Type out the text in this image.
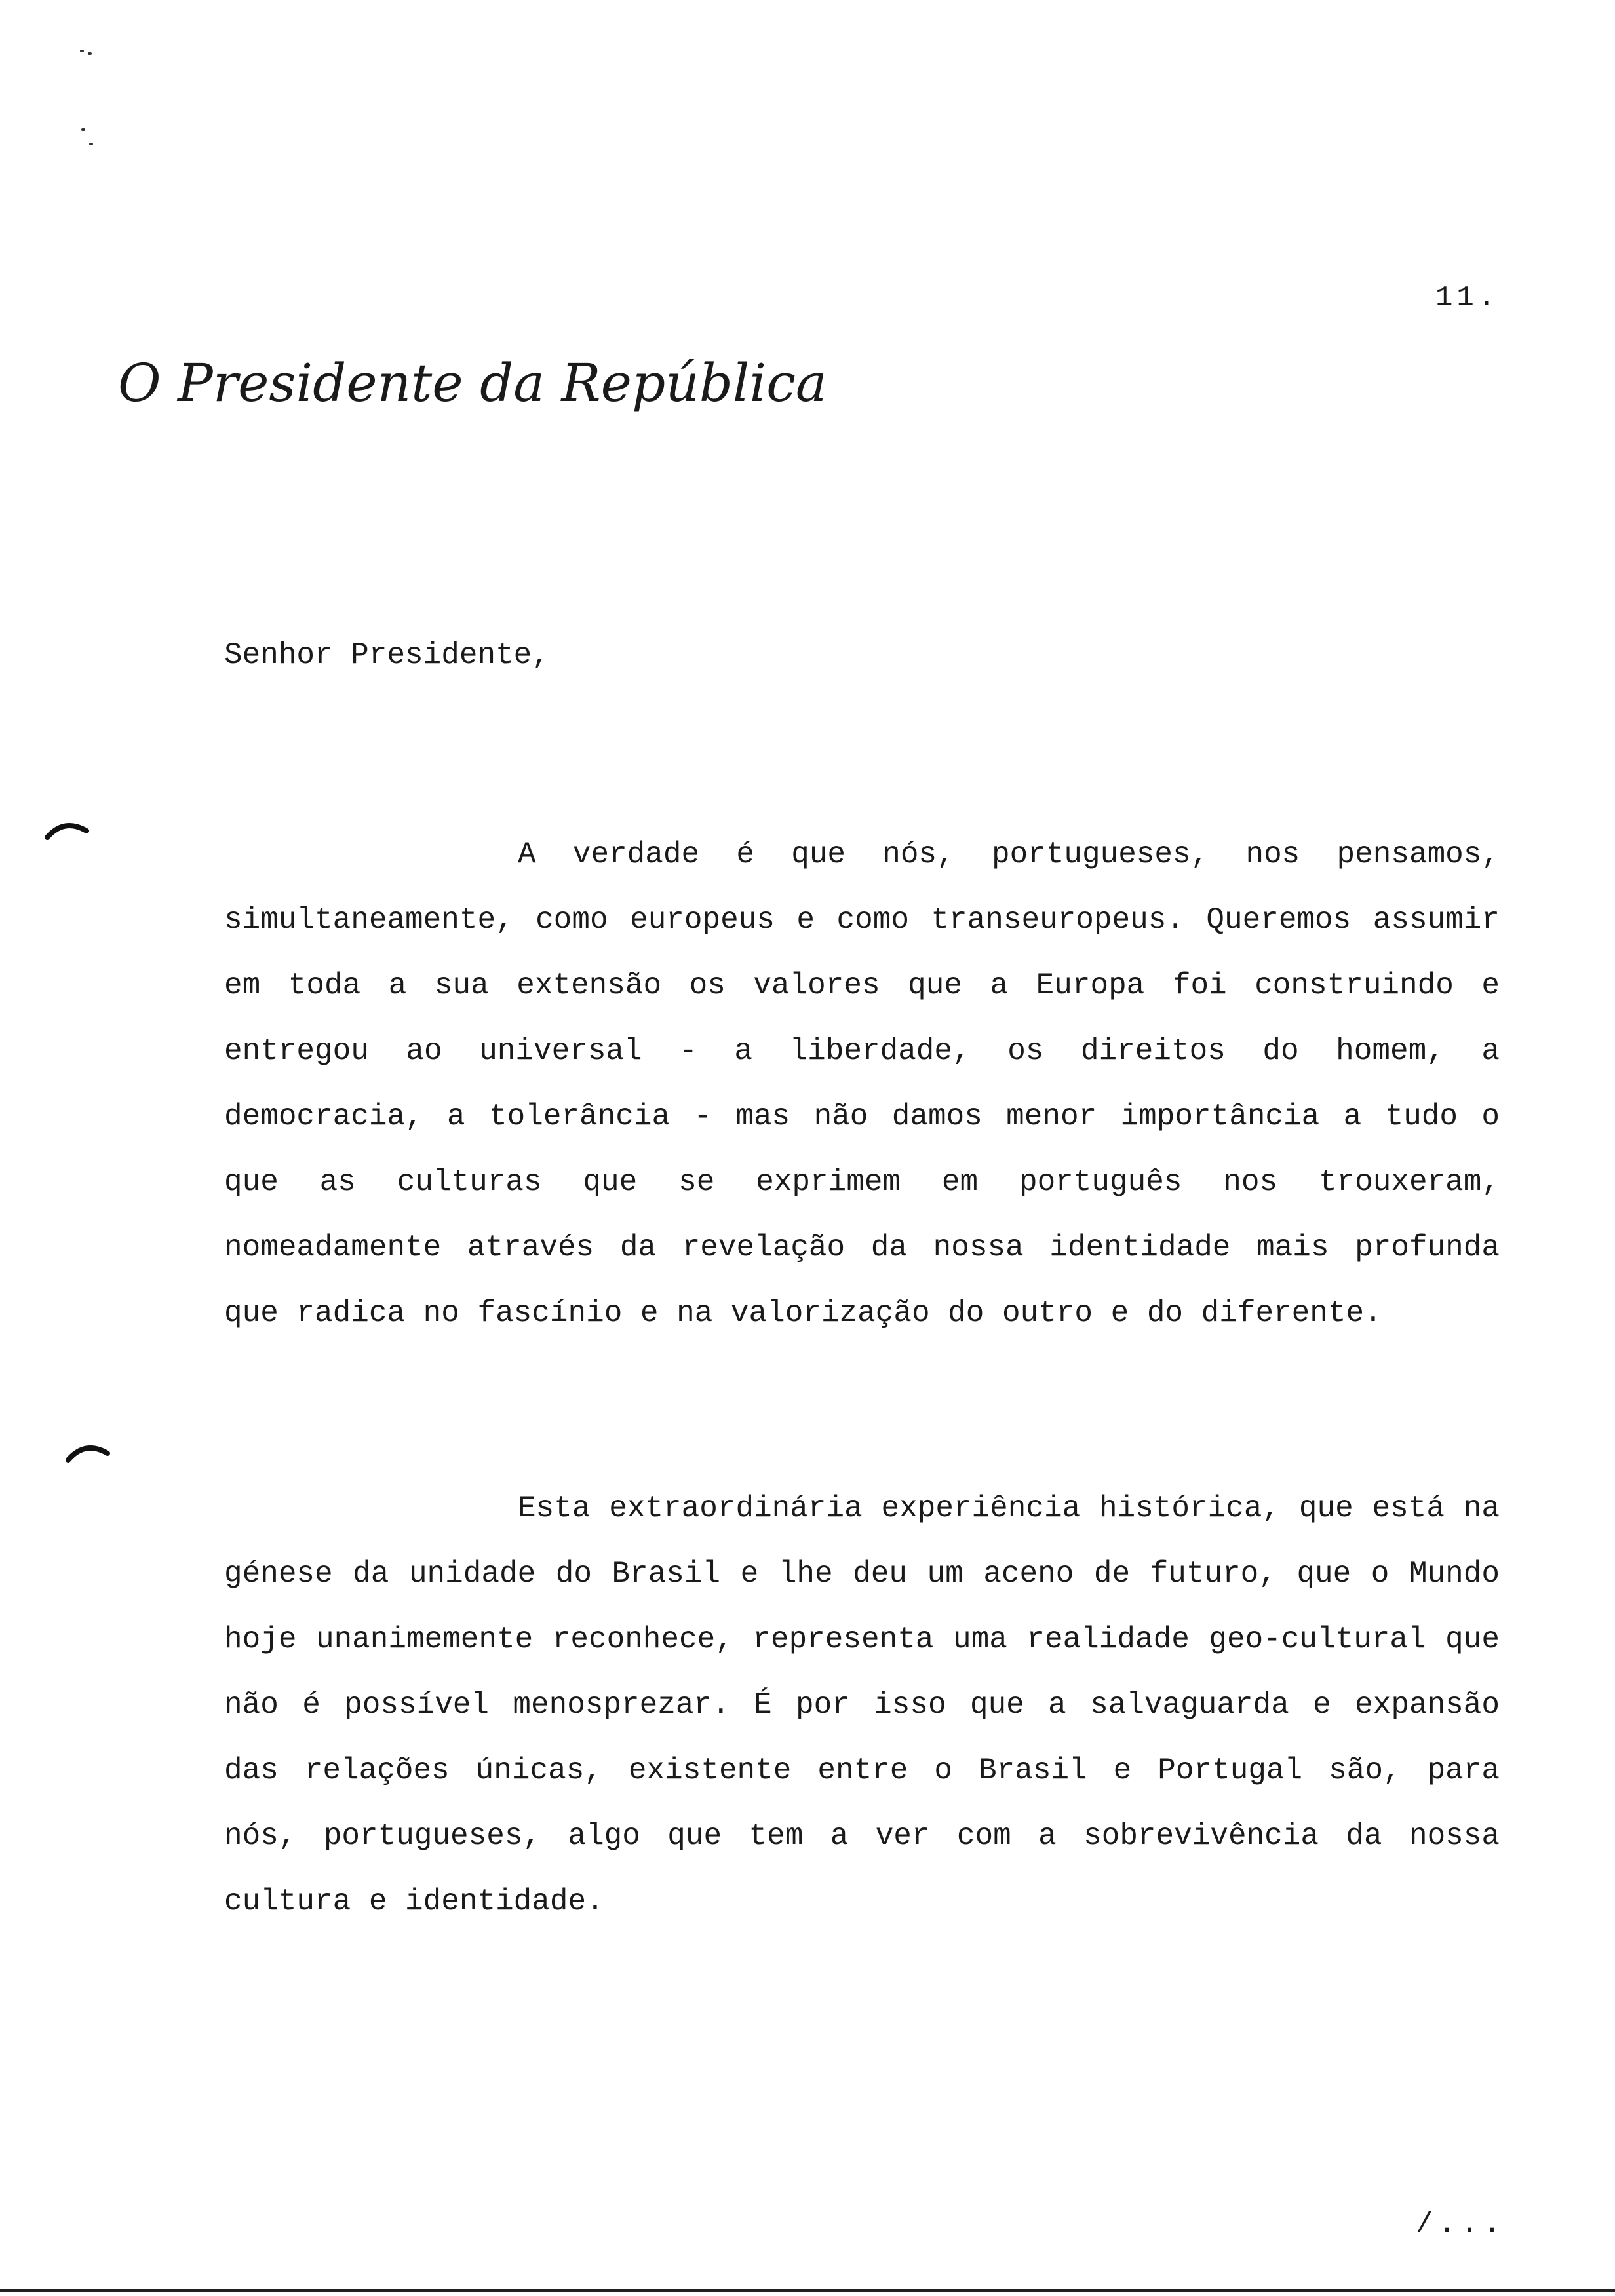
11.
O Presidente da República
Senhor Presidente,
A verdade é que nós, portugueses, nos pensamos, simultaneamente, como europeus e como transeuropeus. Queremos assumir em toda a sua extensão os valores que a Europa foi construindo e entregou ao universal - a liberdade, os direitos do homem, a democracia, a tolerância - mas não damos menor importância a tudo o que as culturas que se exprimem em português nos trouxeram, nomeadamente através da revelação da nossa identidade mais profunda que radica no fascínio e na valorização do outro e do diferente.
Esta extraordinária experiência histórica, que está na génese da unidade do Brasil e lhe deu um aceno de futuro, que o Mundo hoje unanimemente reconhece, representa uma realidade geo-cultural que não é possível menosprezar. É por isso que a salvaguarda e expansão das relações únicas, existente entre o Brasil e Portugal são, para nós, portugueses, algo que tem a ver com a sobrevivência da nossa cultura e identidade.
/...
